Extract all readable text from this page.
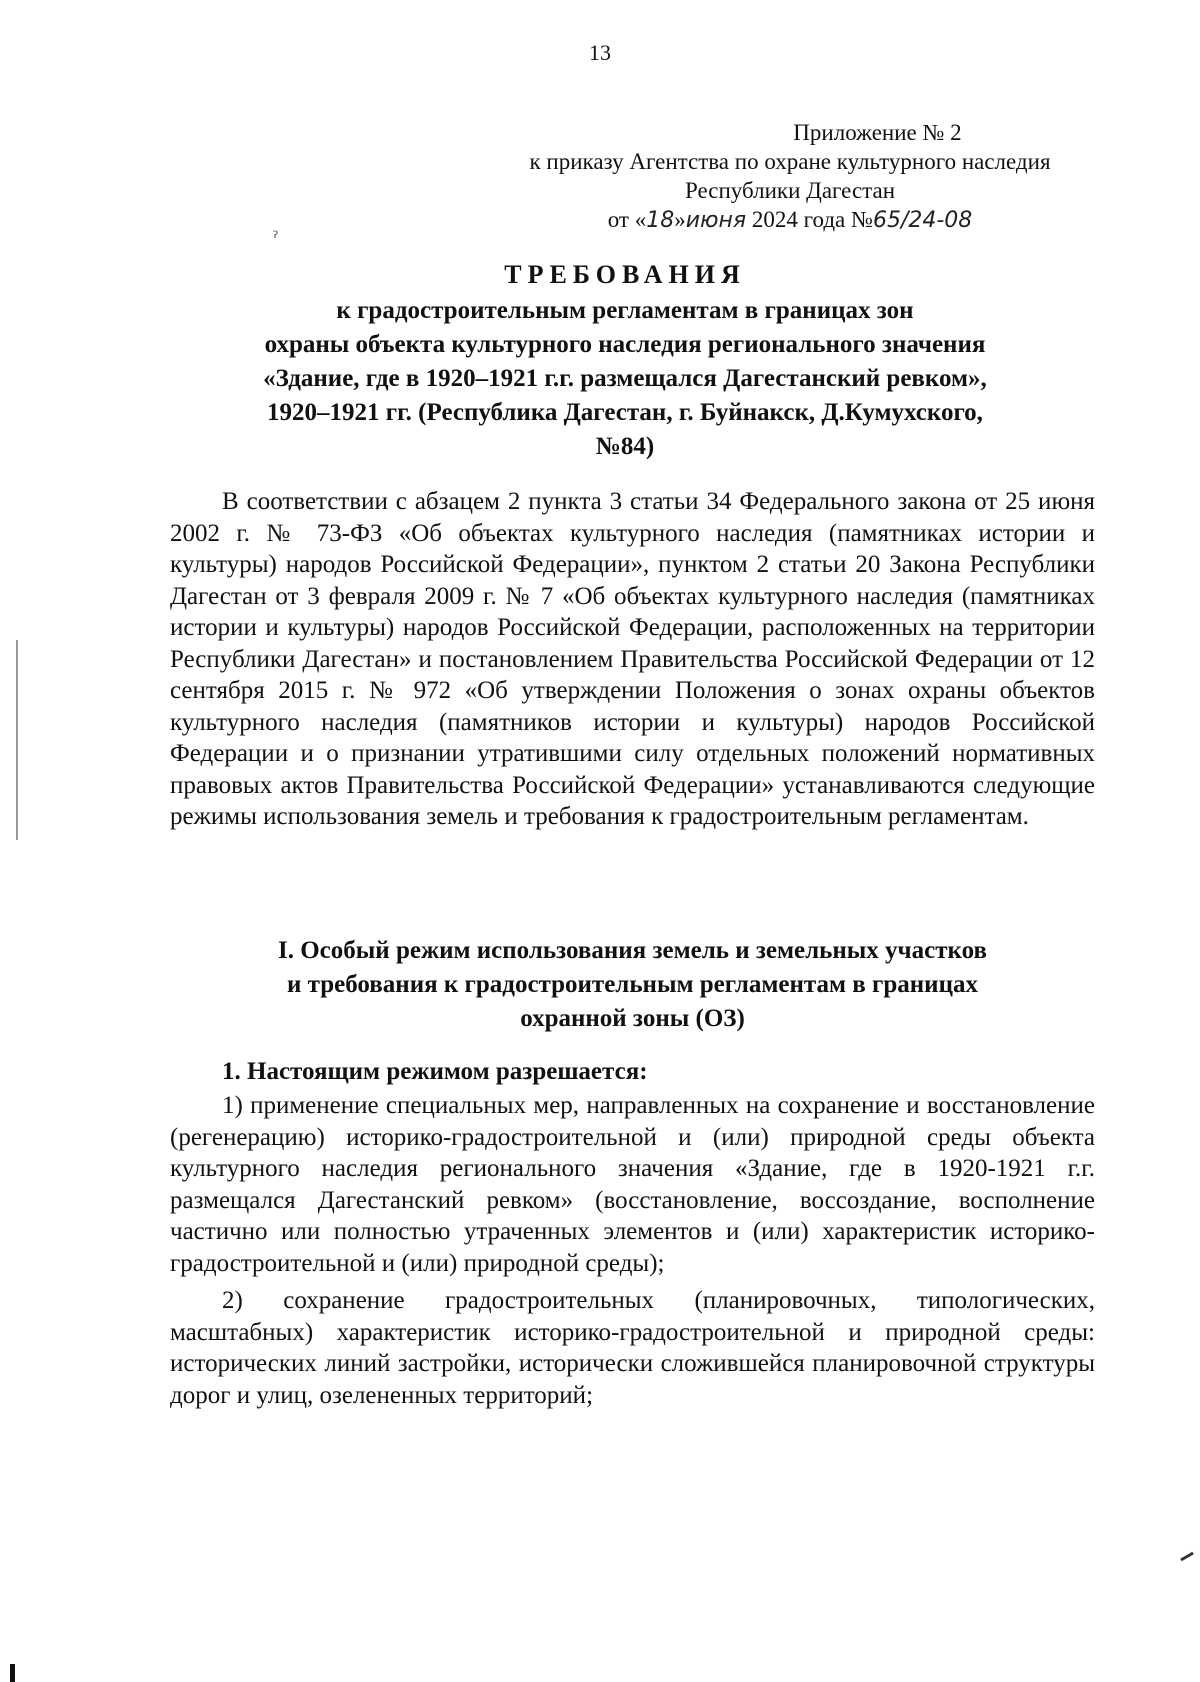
13
Приложение № 2
к приказу Агентства по охране культурного наследия
Республики Дагестан
от «18»июня 2024 года №65/24-08
ˀ
ТРЕБОВАНИЯ
к градостроительным регламентам в границах зон
охраны объекта культурного наследия регионального значения
«Здание, где в 1920–1921 г.г. размещался Дагестанский ревком»,
1920–1921 гг. (Республика Дагестан, г. Буйнакск, Д.Кумухского,
№84)

В соответствии с абзацем 2 пункта 3 статьи 34 Федерального закона от 25 июня 2002 г. № 73-ФЗ «Об объектах культурного наследия (памятниках истории и культуры) народов Российской Федерации», пунктом 2 статьи 20 Закона Республики Дагестан от 3 февраля 2009 г. № 7 «Об объектах культурного наследия (памятниках истории и культуры) народов Российской Федерации, расположенных на территории Республики Дагестан» и постановлением Правительства Российской Федерации от 12 сентября 2015 г. № 972 «Об утверждении Положения о зонах охраны объектов культурного наследия (памятников истории и культуры) народов Российской Федерации и о признании утратившими силу отдельных положений нормативных правовых актов Правительства Российской Федерации» устанавливаются следующие режимы использования земель и требования к градостроительным регламентам.

I. Особый режим использования земель и земельных участков
и требования к градостроительным регламентам в границах
охранной зоны (ОЗ)
1. Настоящим режимом разрешается:

1) применение специальных мер, направленных на сохранение и восстановление (регенерацию) историко-градостроительной и (или) природной среды объекта культурного наследия регионального значения «Здание, где в 1920-1921 г.г. размещался Дагестанский ревком» (восстановление, воссоздание, восполнение частично или полностью утраченных элементов и (или) характеристик историко-градостроительной и (или) природной среды);

2) сохранение градостроительных (планировочных, типологических, масштабных) характеристик историко-градостроительной и природной среды: исторических линий застройки, исторически сложившейся планировочной структуры дорог и улиц, озелененных территорий;
